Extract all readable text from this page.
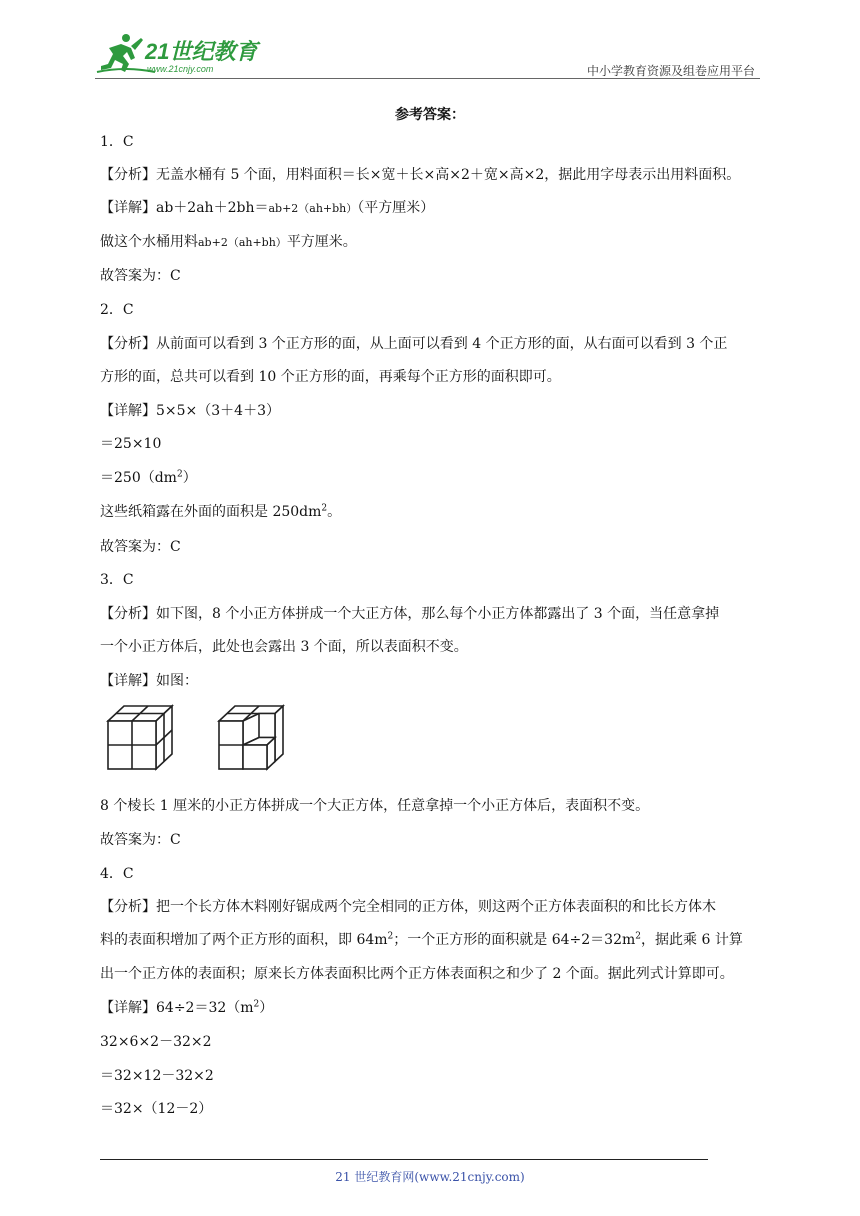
21世纪教育
www.21cnjy.com	中小学教育资源及组卷应用平台
参考答案：
1．C
【分析】无盖水桶有 5 个面，用料面积＝长×宽＋长×高×2＋宽×高×2，据此用字母表示出用料面积。
【详解】ab＋2ah＋2bh＝ab+2（ah+bh）（平方厘米）
做这个水桶用料ab+2（ah+bh）平方厘米。
故答案为：C
2．C
【分析】从前面可以看到 3 个正方形的面，从上面可以看到 4 个正方形的面，从右面可以看到 3 个正
方形的面，总共可以看到 10 个正方形的面，再乘每个正方形的面积即可。
【详解】5×5×（3＋4＋3）
＝25×10
$=250(dm^2)$
这些纸箱露在外面的面积是 $250dm^2$。
故答案为：C
3．C
【分析】如下图，8 个小正方体拼成一个大正方体，那么每个小正方体都露出了 3 个面，当任意拿掉
一个小正方体后，此处也会露出 3 个面，所以表面积不变。
【详解】如图：
8 个棱长 1 厘米的小正方体拼成一个大正方体，任意拿掉一个小正方体后，表面积不变。
故答案为：C
4．C
【分析】把一个长方体木料刚好锯成两个完全相同的正方体，则这两个正方体表面积的和比长方体木
料的表面积增加了两个正方形的面积，即 $64m^2$；一个正方形的面积就是 $64\div 2=32m^2$，据此乘 6 计算
出一个正方体的表面积；原来长方体表面积比两个正方体表面积之和少了 2 个面。据此列式计算即可。
【详解】$64\div 2=32(m^2)$
32×6×2－32×2
＝32×12－32×2
＝32×（12－2）
21 世纪教育网(www.21cnjy.com)
